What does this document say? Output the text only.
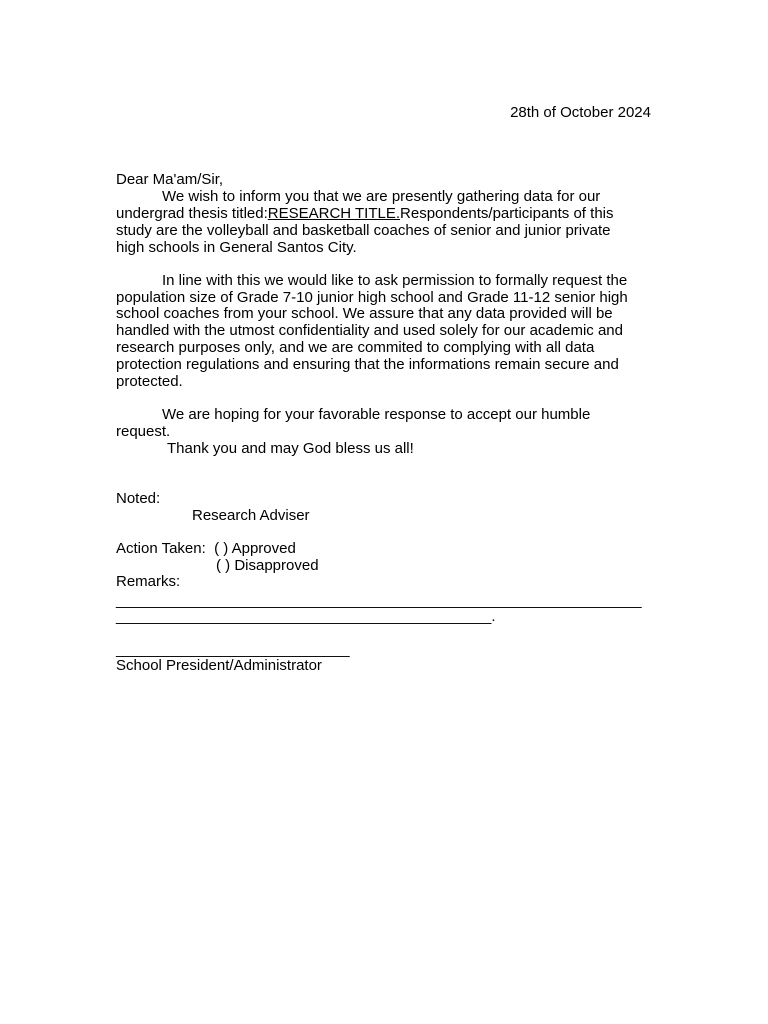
28th of October 2024
Dear Ma'am/Sir,
We wish to inform you that we are presently gathering data for our
undergrad thesis titled:RESEARCH TITLE.Respondents/participants of this
study are the volleyball and basketball coaches of senior and junior private
high schools in General Santos City.
In line with this we would like to ask permission to formally request the
population size of Grade 7-10 junior high school and Grade 11-12 senior high
school coaches from your school. We assure that any data provided will be
handled with the utmost confidentiality and used solely for our academic and
research purposes only, and we are commited to complying with all data
protection regulations and ensuring that the informations remain secure and
protected.
We are hoping for your favorable response to accept our humble
request.
Thank you and may God bless us all!
Noted:
Research Adviser
Action Taken:  ( ) Approved
( ) Disapproved
Remarks:
_______________________________________________________________
_____________________________________________.
____________________________
School President/Administrator
